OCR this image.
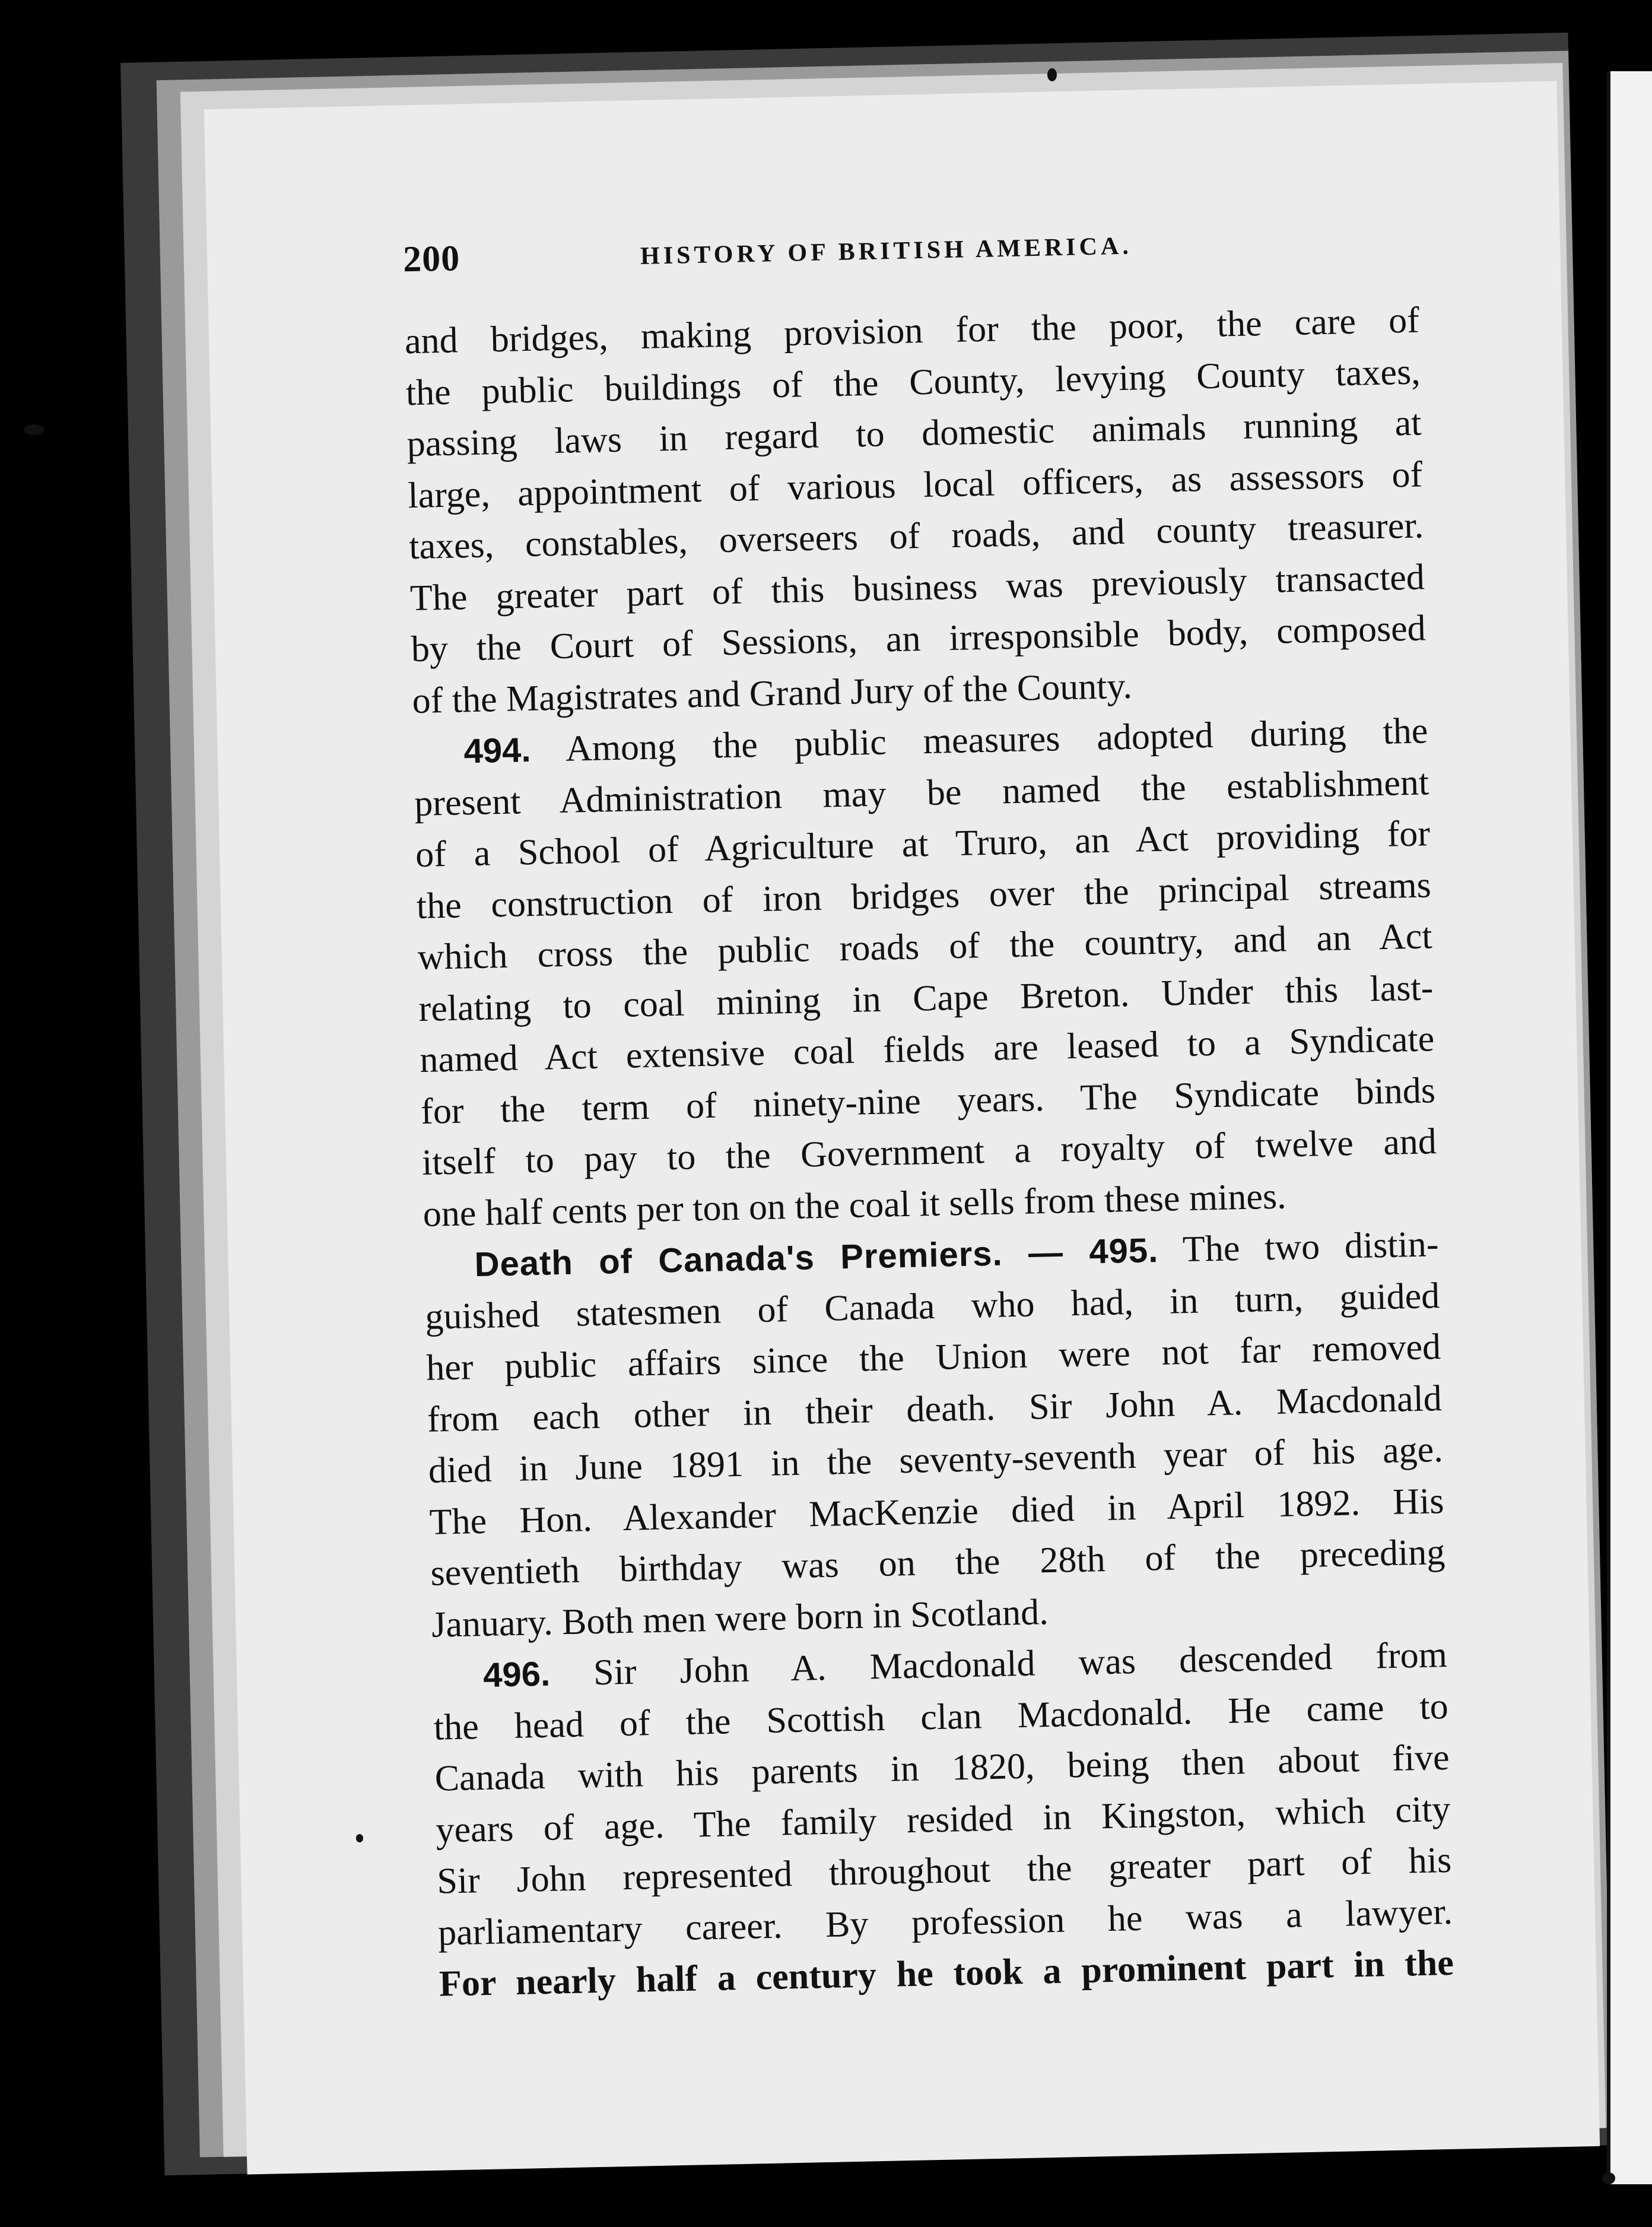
200	HISTORY OF BRITISH AMERICA.
and bridges, making provision for the poor, the care of
the public buildings of the County, levying County taxes,
passing laws in regard to domestic animals running at
large, appointment of various local officers, as assessors of
taxes, constables, overseers of roads, and county treasurer.
The greater part of this business was previously transacted
by the Court of Sessions, an irresponsible body, composed
of the Magistrates and Grand Jury of the County.
494. Among the public measures adopted during the
present Administration may be named the establishment
of a School of Agriculture at Truro, an Act providing for
the construction of iron bridges over the principal streams
which cross the public roads of the country, and an Act
relating to coal mining in Cape Breton. Under this last-
named Act extensive coal fields are leased to a Syndicate
for the term of ninety-nine years. The Syndicate binds
itself to pay to the Government a royalty of twelve and
one half cents per ton on the coal it sells from these mines.
Death of Canada's Premiers. — 495. The two distin-
guished statesmen of Canada who had, in turn, guided
her public affairs since the Union were not far removed
from each other in their death. Sir John A. Macdonald
died in June 1891 in the seventy-seventh year of his age.
The Hon. Alexander MacKenzie died in April 1892. His
seventieth birthday was on the 28th of the preceding
January. Both men were born in Scotland.
496. Sir John A. Macdonald was descended from
the head of the Scottish clan Macdonald. He came to
Canada with his parents in 1820, being then about five
years of age. The family resided in Kingston, which city
Sir John represented throughout the greater part of his
parliamentary career. By profession he was a lawyer.
For nearly half a century he took a prominent part in the
